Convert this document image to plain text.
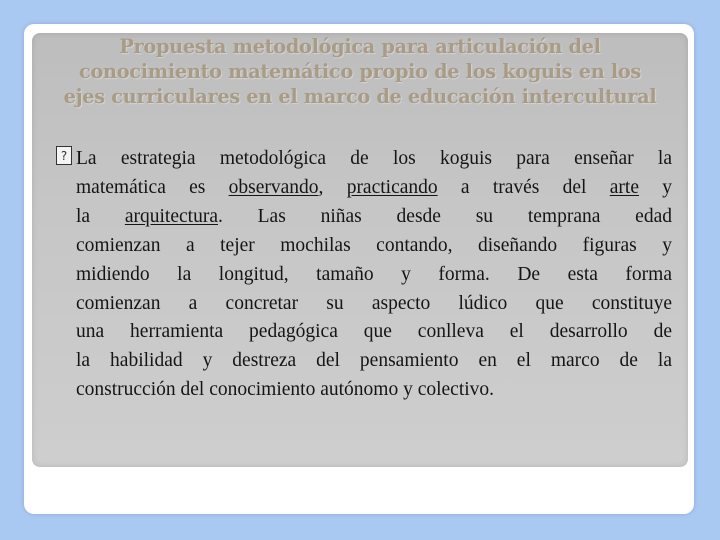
Propuesta metodológica para articulación del
conocimiento matemático propio de los koguis en los
ejes curriculares en el marco de educación intercultural
? La estrategia metodológica de los koguis para enseñar la
matemática es observando, practicando a través del arte y
la arquitectura. Las niñas desde su temprana edad
comienzan a tejer mochilas contando, diseñando figuras y
midiendo la longitud, tamaño y forma. De esta forma
comienzan a concretar su aspecto lúdico que constituye
una herramienta pedagógica que conlleva el desarrollo de
la habilidad y destreza del pensamiento en el marco de la
construcción del conocimiento autónomo y colectivo.
